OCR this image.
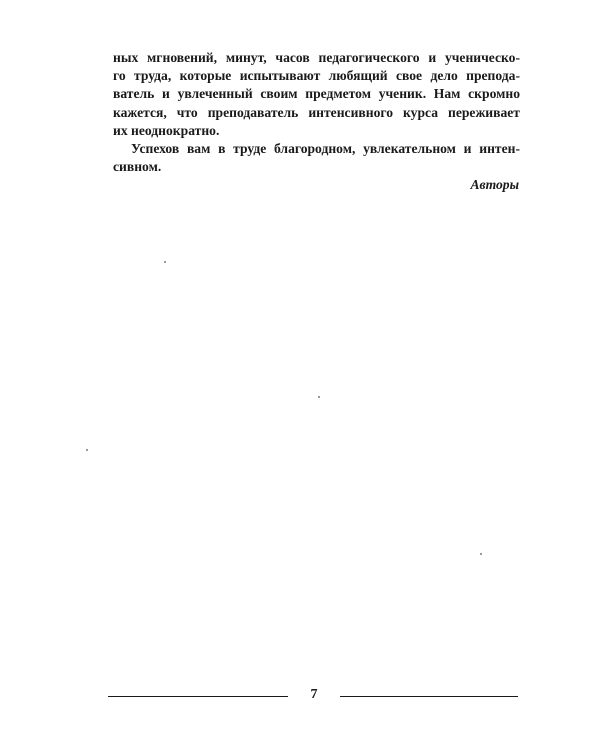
ных мгновений, минут, часов педагогического и ученическо-
го труда, которые испытывают любящий свое дело препода-
ватель и увлеченный своим предметом ученик. Нам скромно
кажется, что преподаватель интенсивного курса переживает
их неоднократно.
Успехов вам в труде благородном, увлекательном и интен-
сивном.
Авторы
7
